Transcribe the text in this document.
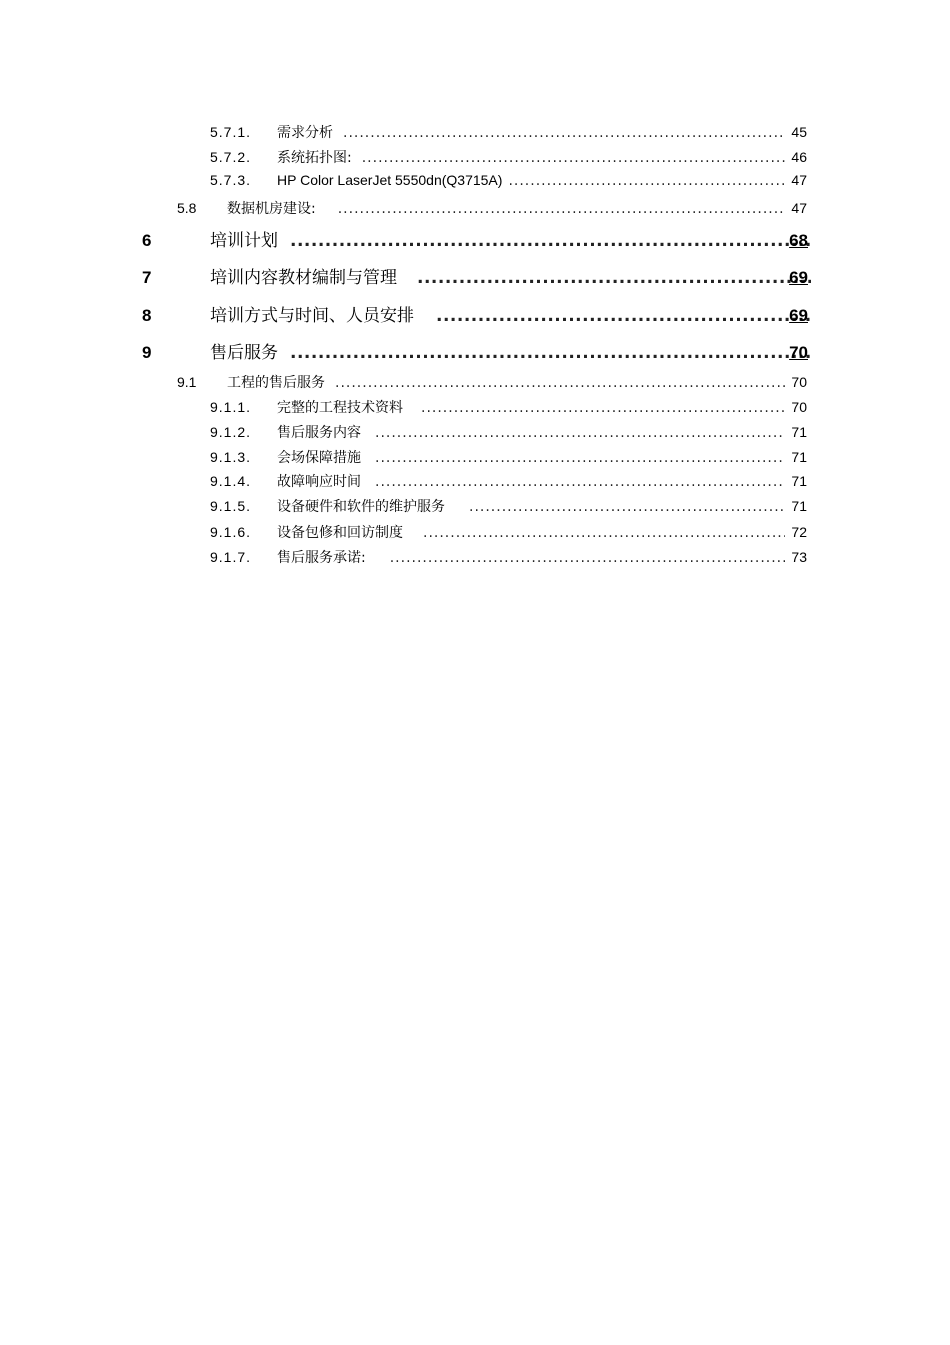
5.7.1.	需求分析 .....	45
5.7.2.	系统拓扑图: .....	46
5.7.3.	HP Color LaserJet 5550dn(Q3715A) .....	47
5.8	数据机房建设: .....	47
6	培训计划 .....	68
7	培训内容教材编制与管理 .....	69
8	培训方式与时间、人员安排 .....	69
9	售后服务 .....	70
9.1	工程的售后服务 .....	70
9.1.1.	完整的工程技术资料 .....	70
9.1.2.	售后服务内容 .....	71
9.1.3.	会场保障措施 .....	71
9.1.4.	故障响应时间 .....	71
9.1.5.	设备硬件和软件的维护服务 .....	71
9.1.6.	设备包修和回访制度 .....	72
9.1.7.	售后服务承诺: .....	73
